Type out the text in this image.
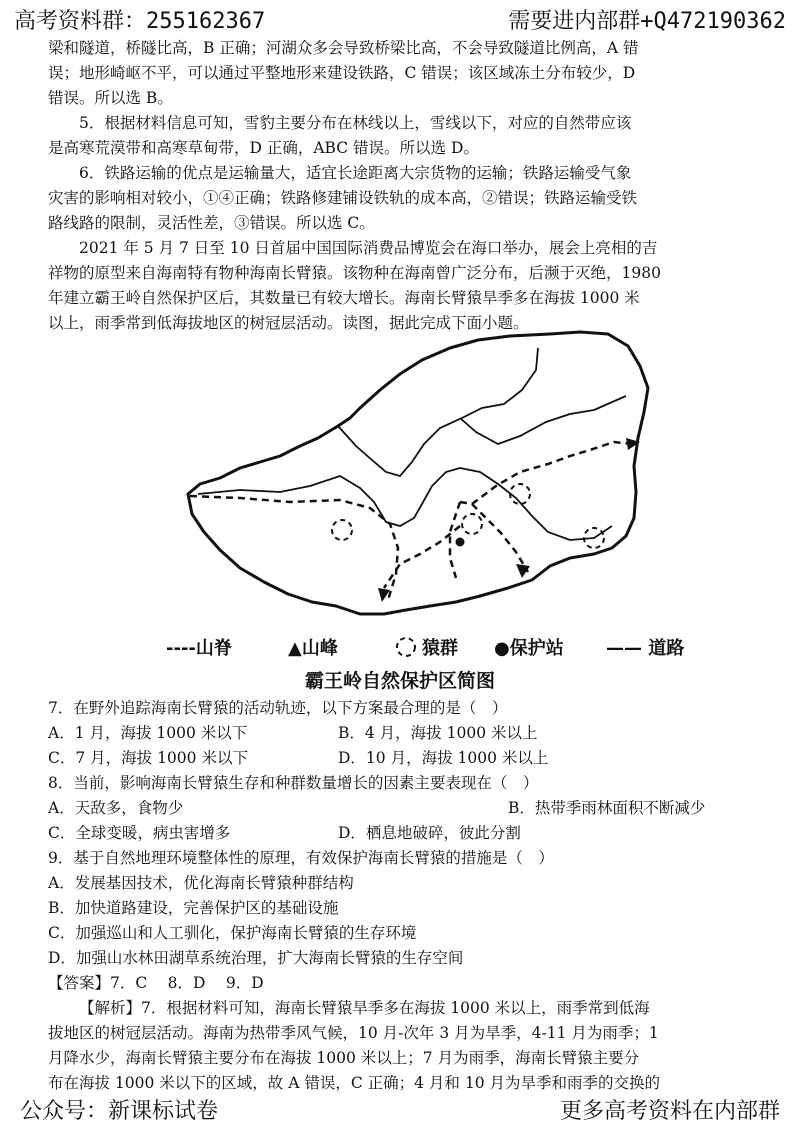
高考资料群：255162367	需要进内部群+Q472190362

梁和隧道，桥隧比高，B 正确；河湖众多会导致桥梁比高，不会导致隧道比例高，A 错

误；地形崎岖不平，可以通过平整地形来建设铁路，C 错误；该区域冻土分布较少，D

错误。所以选 B。

5．根据材料信息可知，雪豹主要分布在林线以上，雪线以下，对应的自然带应该

是高寒荒漠带和高寒草甸带，D 正确，ABC 错误。所以选 D。

6．铁路运输的优点是运输量大，适宜长途距离大宗货物的运输；铁路运输受气象

灾害的影响相对较小，①④正确；铁路修建铺设铁轨的成本高，②错误；铁路运输受铁

路线路的限制，灵活性差，③错误。所以选 C。

2021 年 5 月 7 日至 10 日首届中国国际消费品博览会在海口举办，展会上亮相的吉

祥物的原型来自海南特有物种海南长臂猿。该物种在海南曾广泛分布，后濒于灭绝，1980

年建立霸王岭自然保护区后，其数量已有较大增长。海南长臂猿旱季多在海拔 1000 米

以上，雨季常到低海拔地区的树冠层活动。读图，据此完成下面小题。

----山脊	▲山峰	猿群 ●保护站 —— 道路
霸王岭自然保护区简图

7．在野外追踪海南长臂猿的活动轨迹，以下方案最合理的是（　）

A．1 月，海拔 1000 米以下	B．4 月，海拔 1000 米以上
C．7 月，海拔 1000 米以下	D．10 月，海拔 1000 米以上

8．当前，影响海南长臂猿生存和种群数量增长的因素主要表现在（　）

A．天敌多，食物少	B．热带季雨林面积不断减少
C．全球变暖，病虫害增多	D．栖息地破碎，彼此分割

9．基于自然地理环境整体性的原理，有效保护海南长臂猿的措施是（　）

A．发展基因技术，优化海南长臂猿种群结构

B．加快道路建设，完善保护区的基础设施

C．加强巡山和人工驯化，保护海南长臂猿的生存环境

D．加强山水林田湖草系统治理，扩大海南长臂猿的生存空间

【答案】7．C　 8．D　 9．D

【解析】7．根据材料可知，海南长臂猿旱季多在海拔 1000 米以上，雨季常到低海

拔地区的树冠层活动。海南为热带季风气候，10 月-次年 3 月为旱季，4-11 月为雨季；1

月降水少，海南长臂猿主要分布在海拔 1000 米以上；7 月为雨季，海南长臂猿主要分

布在海拔 1000 米以下的区域，故 A 错误，C 正确；4 月和 10 月为旱季和雨季的交换的

公众号：新课标试卷	更多高考资料在内部群
